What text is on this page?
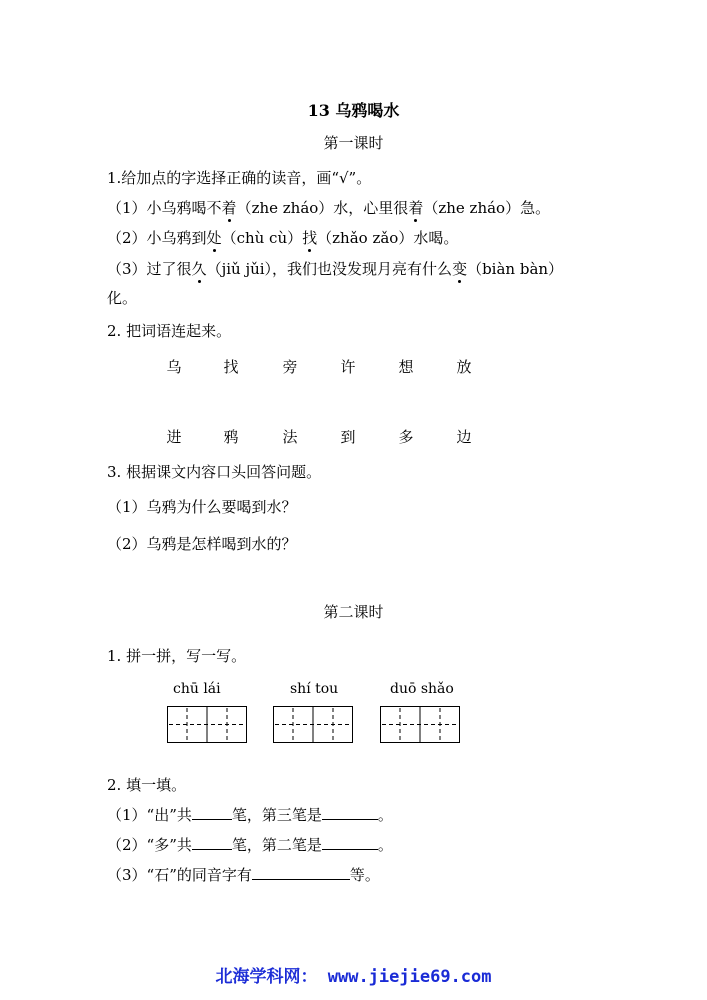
13 乌鸦喝水
第一课时
1.给加点的字选择正确的读音，画“√”。
（1）小乌鸦喝不着（zhe zháo）水，心里很着（zhe zháo）急。
（2）小乌鸦到处（chù cù）找（zhǎo zǎo）水喝。
（3）过了很久（jiǔ jǔi），我们也没发现月亮有什么变（biàn bàn）
化。
2. 把词语连起来。
乌	找	旁	许	想	放
进	鸦	法	到	多	边
3. 根据课文内容口头回答问题。
（1）乌鸦为什么要喝到水？
（2）乌鸦是怎样喝到水的？
第二课时
1. 拼一拼，写一写。
chū lái	shí tou	duō shǎo
2. 填一填。
（1）“出”共	笔，第三笔是	。
（2）“多”共	笔，第二笔是	。
（3）“石”的同音字有	等。
北海学科网： www.jiejie69.com
